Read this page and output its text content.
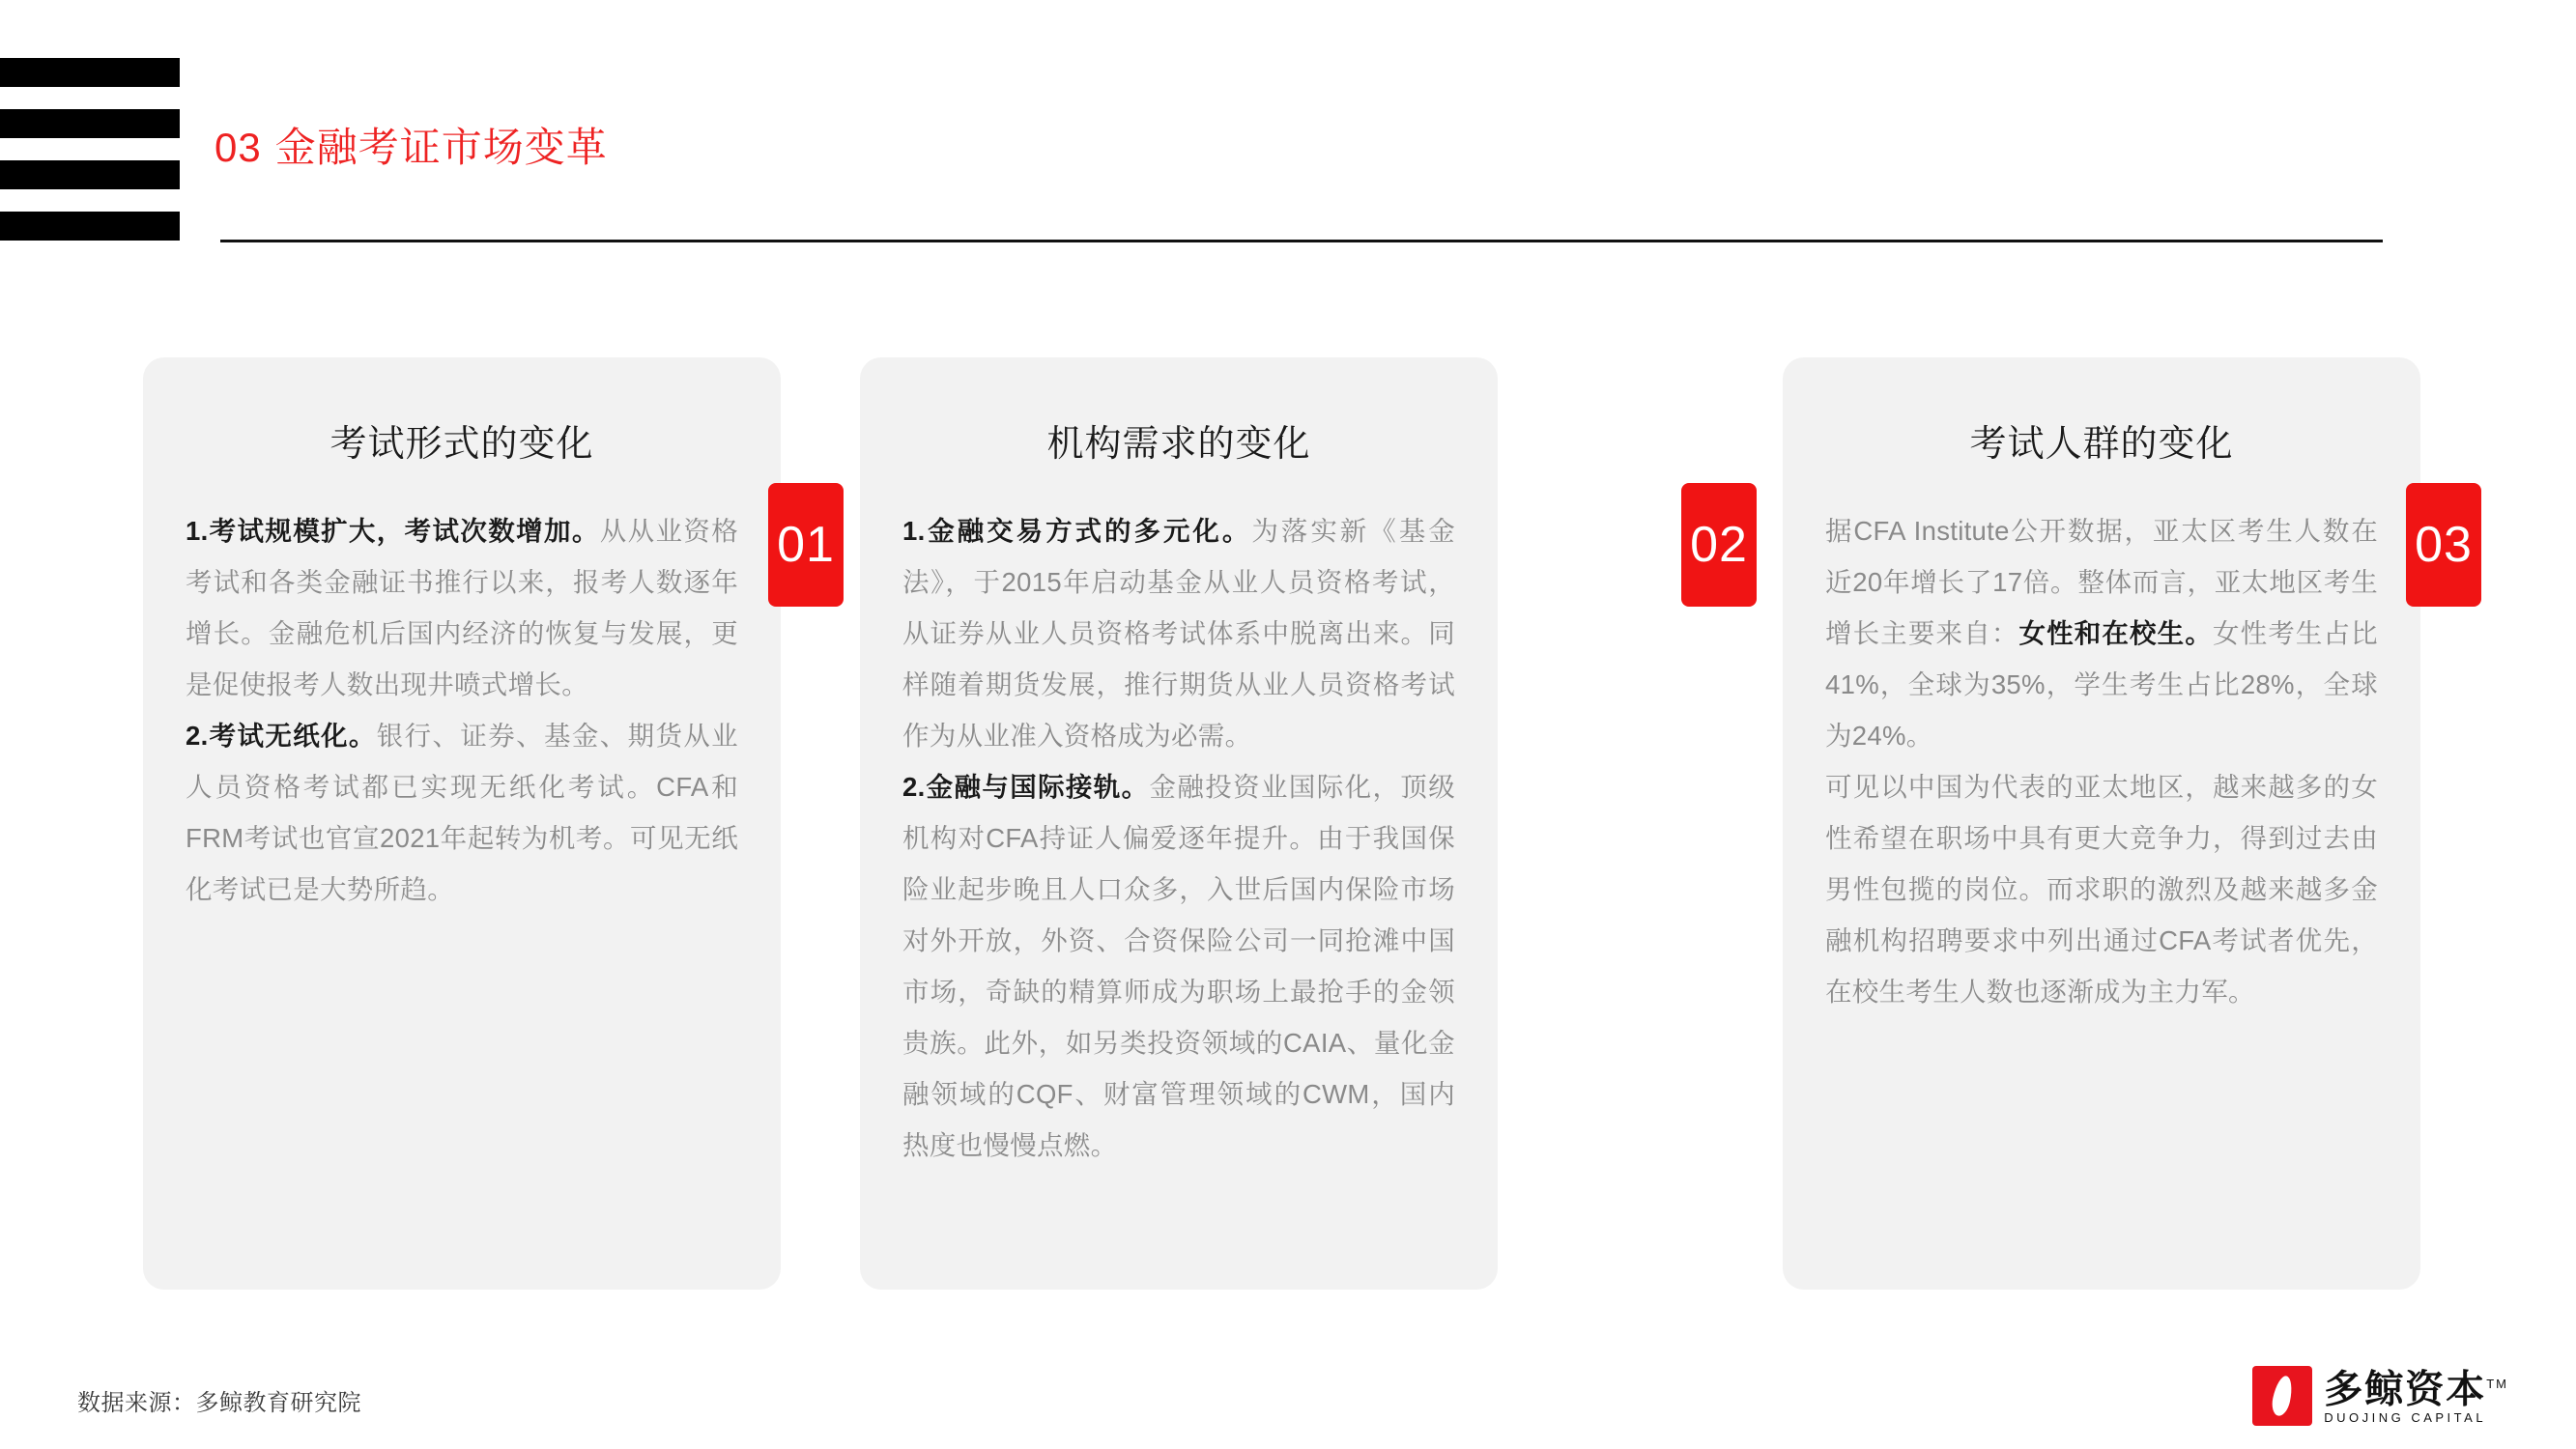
03 金融考证市场变革
考试形式的变化
1.考试规模扩大，考试次数增加。从从业资格考试和各类金融证书推行以来，报考人数逐年增长。金融危机后国内经济的恢复与发展，更是促使报考人数出现井喷式增长。
2.考试无纸化。银行、证券、基金、期货从业人员资格考试都已实现无纸化考试。CFA和FRM考试也官宣2021年起转为机考。可见无纸化考试已是大势所趋。
01
机构需求的变化
1.金融交易方式的多元化。为落实新《基金法》，于2015年启动基金从业人员资格考试，从证券从业人员资格考试体系中脱离出来。同样随着期货发展，推行期货从业人员资格考试作为从业准入资格成为必需。
2.金融与国际接轨。金融投资业国际化，顶级机构对CFA持证人偏爱逐年提升。由于我国保险业起步晚且人口众多，入世后国内保险市场对外开放，外资、合资保险公司一同抢滩中国市场，奇缺的精算师成为职场上最抢手的金领贵族。此外，如另类投资领域的CAIA、量化金融领域的CQF、财富管理领域的CWM，国内热度也慢慢点燃。
02
考试人群的变化
据CFA Institute公开数据，亚太区考生人数在近20年增长了17倍。整体而言，亚太地区考生增长主要来自：女性和在校生。女性考生占比41%，全球为35%，学生考生占比28%，全球为24%。
可见以中国为代表的亚太地区，越来越多的女性希望在职场中具有更大竞争力，得到过去由男性包揽的岗位。而求职的激烈及越来越多金融机构招聘要求中列出通过CFA考试者优先，在校生考生人数也逐渐成为主力军。
03
数据来源：多鲸教育研究院	多鲸资本™
DUOJING CAPITAL
